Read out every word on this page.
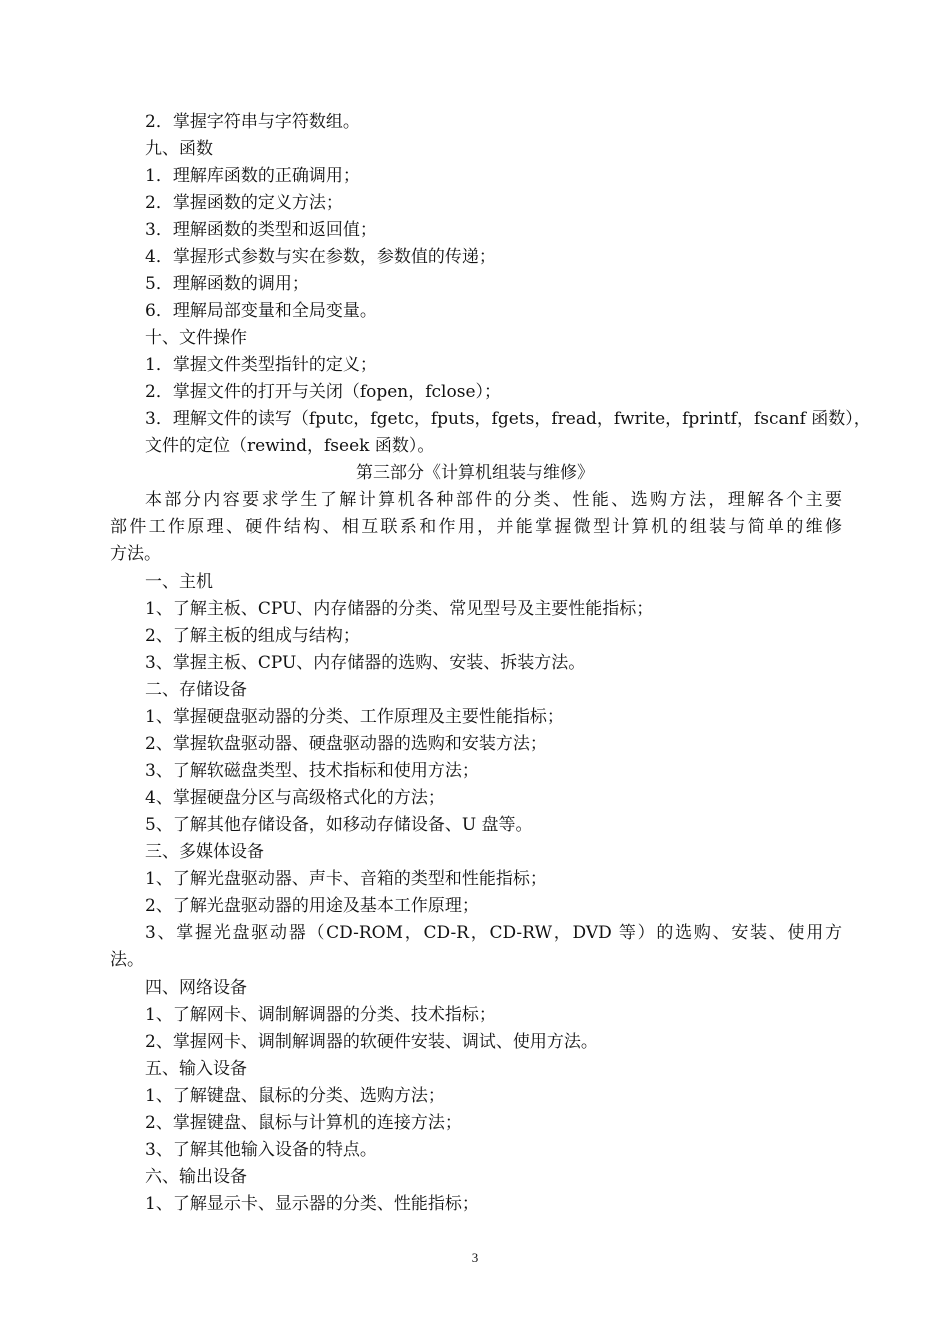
2．掌握字符串与字符数组。
九、函数
1．理解库函数的正确调用；
2．掌握函数的定义方法；
3．理解函数的类型和返回值；
4．掌握形式参数与实在参数，参数值的传递；
5．理解函数的调用；
6．理解局部变量和全局变量。
十、文件操作
1．掌握文件类型指针的定义；
2．掌握文件的打开与关闭（fopen，fclose）；
3．理解文件的读写（fputc，fgetc，fputs，fgets，fread，fwrite，fprintf，fscanf 函数），
文件的定位（rewind，fseek 函数）。
第三部分《计算机组装与维修》
本部分内容要求学生了解计算机各种部件的分类、性能、选购方法，理解各个主要
部件工作原理、硬件结构、相互联系和作用，并能掌握微型计算机的组装与简单的维修
方法。
一、主机
1、了解主板、CPU、内存储器的分类、常见型号及主要性能指标；
2、了解主板的组成与结构；
3、掌握主板、CPU、内存储器的选购、安装、拆装方法。
二、存储设备
1、掌握硬盘驱动器的分类、工作原理及主要性能指标；
2、掌握软盘驱动器、硬盘驱动器的选购和安装方法；
3、了解软磁盘类型、技术指标和使用方法；
4、掌握硬盘分区与高级格式化的方法；
5、了解其他存储设备，如移动存储设备、U 盘等。
三、多媒体设备
1、了解光盘驱动器、声卡、音箱的类型和性能指标；
2、了解光盘驱动器的用途及基本工作原理；
3、掌握光盘驱动器（CD-ROM，CD-R，CD-RW，DVD 等）的选购、安装、使用方
法。
四、网络设备
1、了解网卡、调制解调器的分类、技术指标；
2、掌握网卡、调制解调器的软硬件安装、调试、使用方法。
五、输入设备
1、了解键盘、鼠标的分类、选购方法；
2、掌握键盘、鼠标与计算机的连接方法；
3、了解其他输入设备的特点。
六、输出设备
1、了解显示卡、显示器的分类、性能指标；
3
